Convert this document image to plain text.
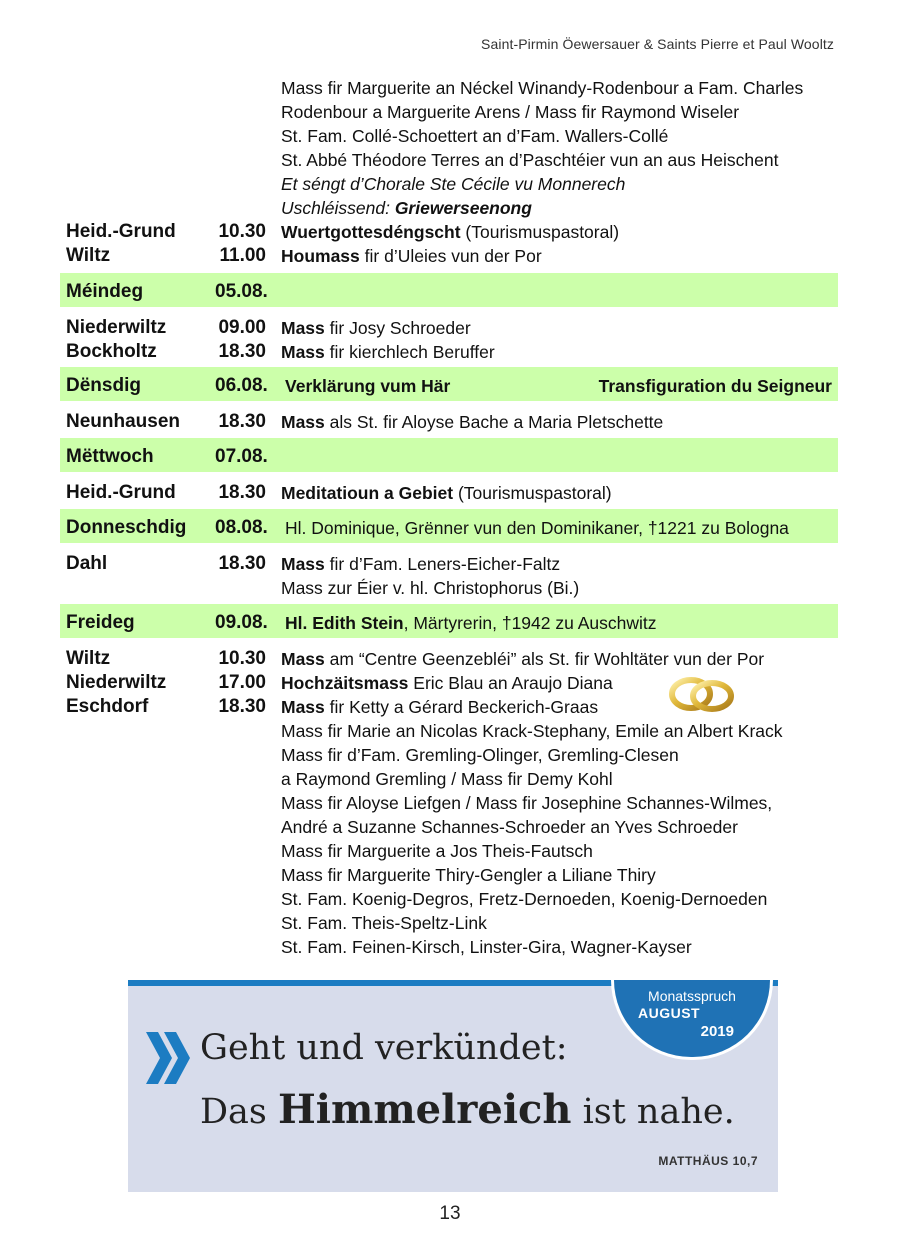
Saint-Pirmin Öewersauer & Saints Pierre et Paul Wooltz
Mass fir Marguerite an Néckel Winandy-Rodenbour a Fam. Charles
Rodenbour a Marguerite Arens / Mass fir Raymond Wiseler
St. Fam. Collé-Schoettert an d’Fam. Wallers-Collé
St. Abbé Théodore Terres an d’Paschtéier vun an aus Heischent
Et séngt d’Chorale Ste Cécile vu Monnerech
Uschléissend: Griewerseenong
Heid.-Grund	10.30 Wuertgottesdéngscht (Tourismuspastoral)
Wiltz	11.00 Houmass fir d’Uleies vun der Por
Méindeg	05.08.
Niederwiltz	09.00 Mass fir Josy Schroeder
Bockholtz	18.30 Mass fir kierchlech Beruffer
Dënsdig	06.08. Verklärung vum Här	Transfiguration du Seigneur
Neunhausen	18.30 Mass als St. fir Aloyse Bache a Maria Pletschette
Mëttwoch	07.08.
Heid.-Grund	18.30 Meditatioun a Gebiet (Tourismuspastoral)
Donneschdig 08.08. Hl. Dominique, Grënner vun den Dominikaner, †1221 zu Bologna
Dahl	18.30 Mass fir d’Fam. Leners-Eicher-Faltz
Mass zur Éier v. hl. Christophorus (Bi.)
Freideg	09.08. Hl. Edith Stein, Märtyrerin, †1942 zu Auschwitz
Wiltz	10.30 Mass am “Centre Geenzebléi” als St. fir Wohltäter vun der Por
Niederwiltz	17.00 Hochzäitsmass Eric Blau an Araujo Diana
Eschdorf	18.30 Mass fir Ketty a Gérard Beckerich-Graas
Mass fir Marie an Nicolas Krack-Stephany, Emile an Albert Krack
Mass fir d’Fam. Gremling-Olinger, Gremling-Clesen
a Raymond Gremling / Mass fir Demy Kohl
Mass fir Aloyse Liefgen / Mass fir Josephine Schannes-Wilmes,
André a Suzanne Schannes-Schroeder an Yves Schroeder
Mass fir Marguerite a Jos Theis-Fautsch
Mass fir Marguerite Thiry-Gengler a Liliane Thiry
St. Fam. Koenig-Degros, Fretz-Dernoeden, Koenig-Dernoeden
St. Fam. Theis-Speltz-Link
St. Fam. Feinen-Kirsch, Linster-Gira, Wagner-Kayser
Geht und verkündet:
Das Himmelreich ist nahe.
MATTHÄUS 10,7
Monatsspruch
AUGUST
2019
13
